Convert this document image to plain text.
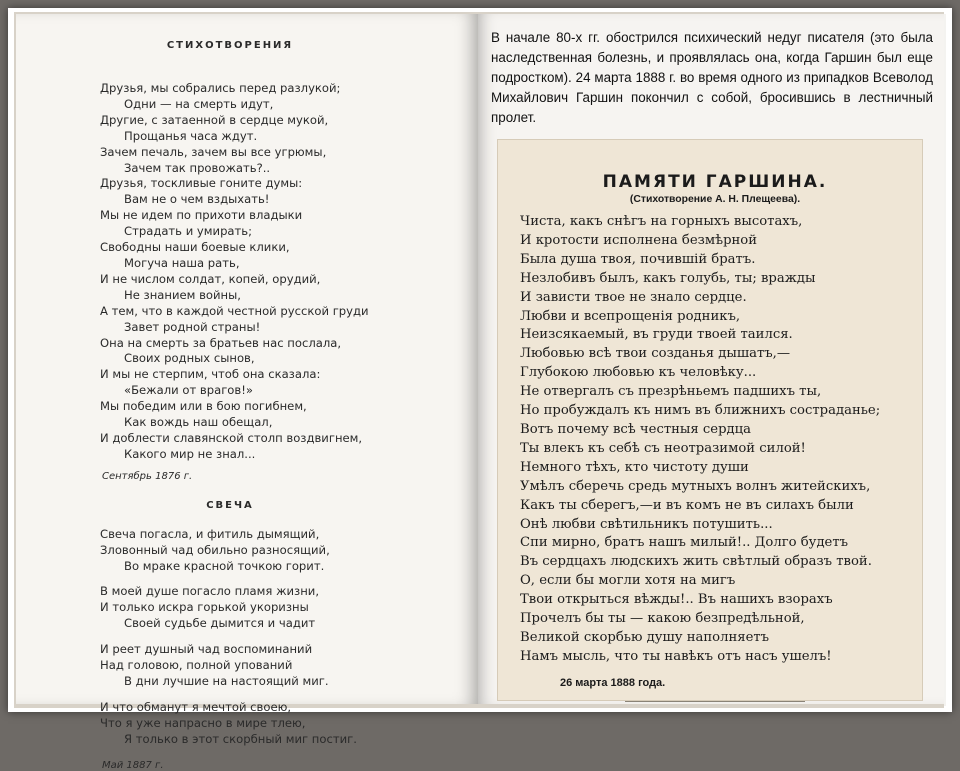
СТИХОТВОРЕНИЯ

Друзья, мы собрались перед разлукой;

Одни — на смерть идут,

Другие, с затаенной в сердце мукой,

Прощанья часа ждут.

Зачем печаль, зачем вы все угрюмы,

Зачем так провожать?..

Друзья, тоскливые гоните думы:

Вам не о чем вздыхать!

Мы не идем по прихоти владыки

Страдать и умирать;

Свободны наши боевые клики,

Могуча наша рать,

И не числом солдат, копей, орудий,

Не знанием войны,

А тем, что в каждой честной русской груди

Завет родной страны!

Она на смерть за братьев нас послала,

Своих родных сынов,

И мы не стерпим, чтоб она сказала:

«Бежали от врагов!»

Мы победим или в бою погибнем,

Как вождь наш обещал,

И доблести славянской столп воздвигнем,

Какого мир не знал...

Сентябрь 1876 г.

СВЕЧА

Свеча погасла, и фитиль дымящий,

Зловонный чад обильно разносящий,

Во мраке красной точкою горит.

В моей душе погасло пламя жизни,

И только искра горькой укоризны

Своей судьбе дымится и чадит

И реет душный чад воспоминаний

Над головою, полной упований

В дни лучшие на настоящий миг.

И что обманут я мечтой своею,

Что я уже напрасно в мире тлею,

Я только в этот скорбный миг постиг.

Май 1887 г.

В начале 80-х гг. обострился психический недуг писателя (это была наследственная болезнь, и проявлялась она, когда Гаршин был еще подростком). 24 марта 1888 г. во время одного из припадков Всеволод Михайлович Гаршин покончил с собой, бросившись в лестничный пролет.

ПАМЯТИ ГАРШИНА.

(Стихотворение А. Н. Плещеева).

Чиста, какъ снѣгъ на горныхъ высотахъ,

И кротости исполнена безмѣрной

Была душа твоя, почившій братъ.

Незлобивъ былъ, какъ голубь, ты; вражды

И зависти твое не знало сердце.

Любви и всепрощенія родникъ,

Неизсякаемый, въ груди твоей таился.

Любовью всѣ твои созданья дышатъ,—

Глубокою любовью къ человѣку...

Не отвергалъ съ презрѣньемъ падшихъ ты,

Но пробуждалъ къ нимъ въ ближнихъ состраданье;

Вотъ почему всѣ честныя сердца

Ты влекъ къ себѣ съ неотразимой силой!

Немного тѣхъ, кто чистоту души

Умѣлъ сберечь средь мутныхъ волнъ житейскихъ,

Какъ ты сберегъ,—и въ комъ не въ силахъ были

Онѣ любви свѣтильникъ потушить...

Спи мирно, братъ нашъ милый!.. Долго будетъ

Въ сердцахъ людскихъ жить свѣтлый образъ твой.

О, если бы могли хотя на мигъ

Твои открыться вѣжды!.. Въ нашихъ взорахъ

Прочелъ бы ты — какою безпредѣльной,

Великой скорбью душу наполняетъ

Намъ мысль, что ты навѣкъ отъ насъ ушелъ!

26 марта 1888 года.
